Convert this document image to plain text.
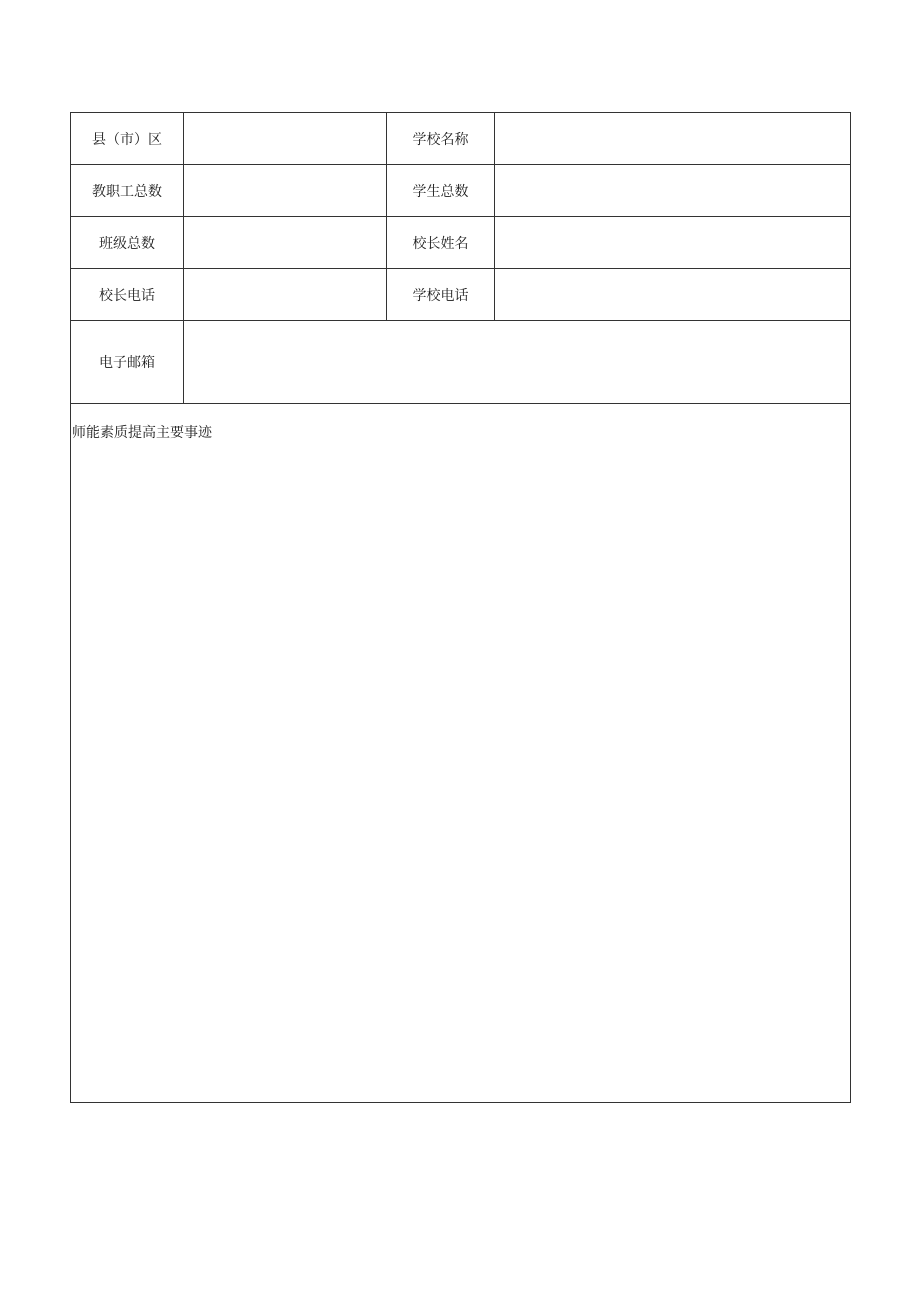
县（市）区		学校名称	
教职工总数		学生总数	
班级总数		校长姓名	
校长电话		学校电话	
电子邮箱			

师能素质提高主要事迹			
